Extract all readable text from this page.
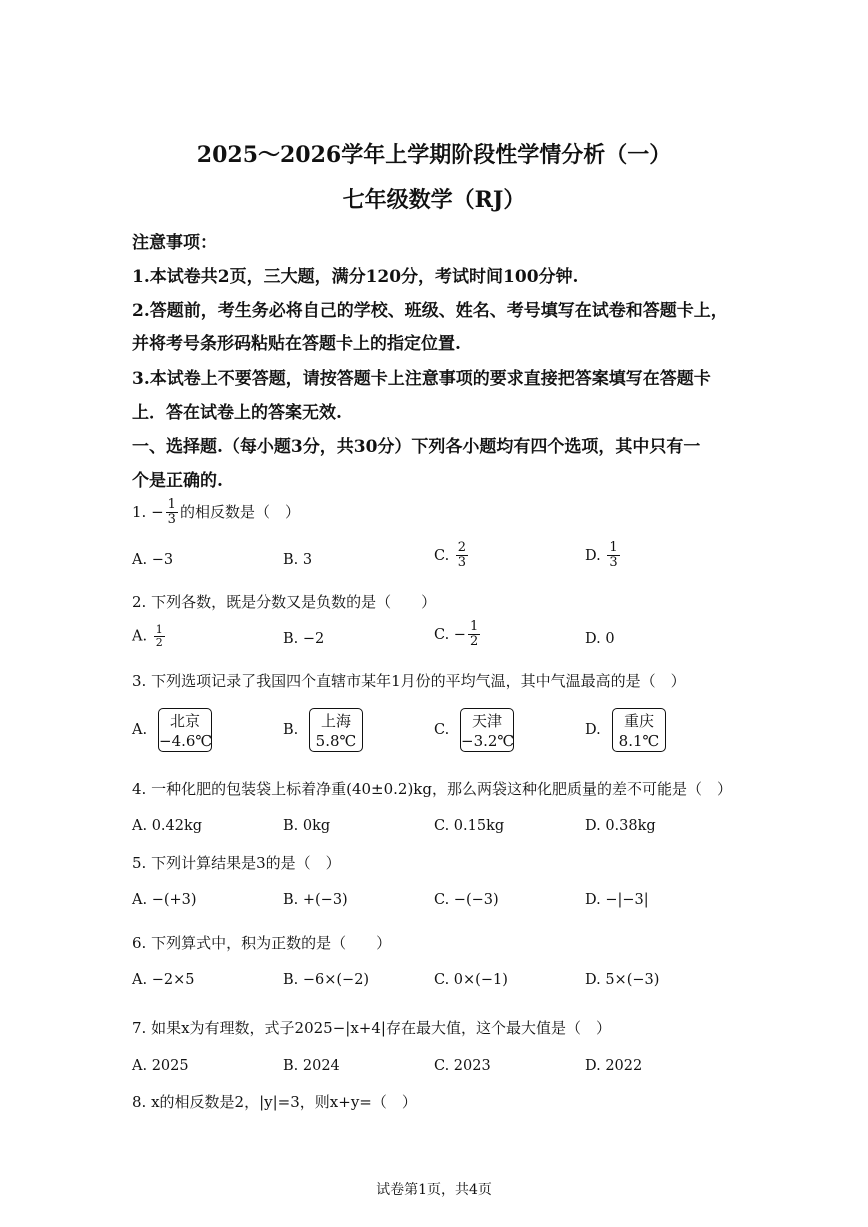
2025～2026学年上学期阶段性学情分析（一）
七年级数学（RJ）
注意事项：
1.本试卷共2页，三大题，满分120分，考试时间100分钟.
2.答题前，考生务必将自己的学校、班级、姓名、考号填写在试卷和答题卡上，
并将考号条形码粘贴在答题卡上的指定位置.
3.本试卷上不要答题，请按答题卡上注意事项的要求直接把答案填写在答题卡
上．答在试卷上的答案无效.
一、选择题.（每小题3分，共30分）下列各小题均有四个选项，其中只有一
个是正确的.
1. − $\frac{1}{3}$ 的相反数是（　）
A. −3	B. 3	C. $\frac{2}{3}$	D. $\frac{1}{3}$
2. 下列各数，既是分数又是负数的是（　　）
A. $\frac{1}{2}$	B. −2	C. − $\frac{1}{2}$	D. 0
3. 下列选项记录了我国四个直辖市某年1月份的平均气温，其中气温最高的是（　）
A.	北京
−4.6℃
B.	上海
5.8℃
C.	天津
−3.2℃
D.	重庆
8.1℃
4. 一种化肥的包装袋上标着净重(40±0.2)kg，那么两袋这种化肥质量的差不可能是（　）
A. 0.42kg	B. 0kg	C. 0.15kg	D. 0.38kg
5. 下列计算结果是3的是（　）
A. −(+3)	B. +(−3)	C. −(−3)	D. −|−3|
6. 下列算式中，积为正数的是（　　）
A. −2×5	B. −6×(−2)	C. 0×(−1)	D. 5×(−3)
7. 如果x为有理数，式子2025−|x+4|存在最大值，这个最大值是（　）
A. 2025	B. 2024	C. 2023	D. 2022
8. x的相反数是2，|y|=3，则x+y=（　）
试卷第1页，共4页
